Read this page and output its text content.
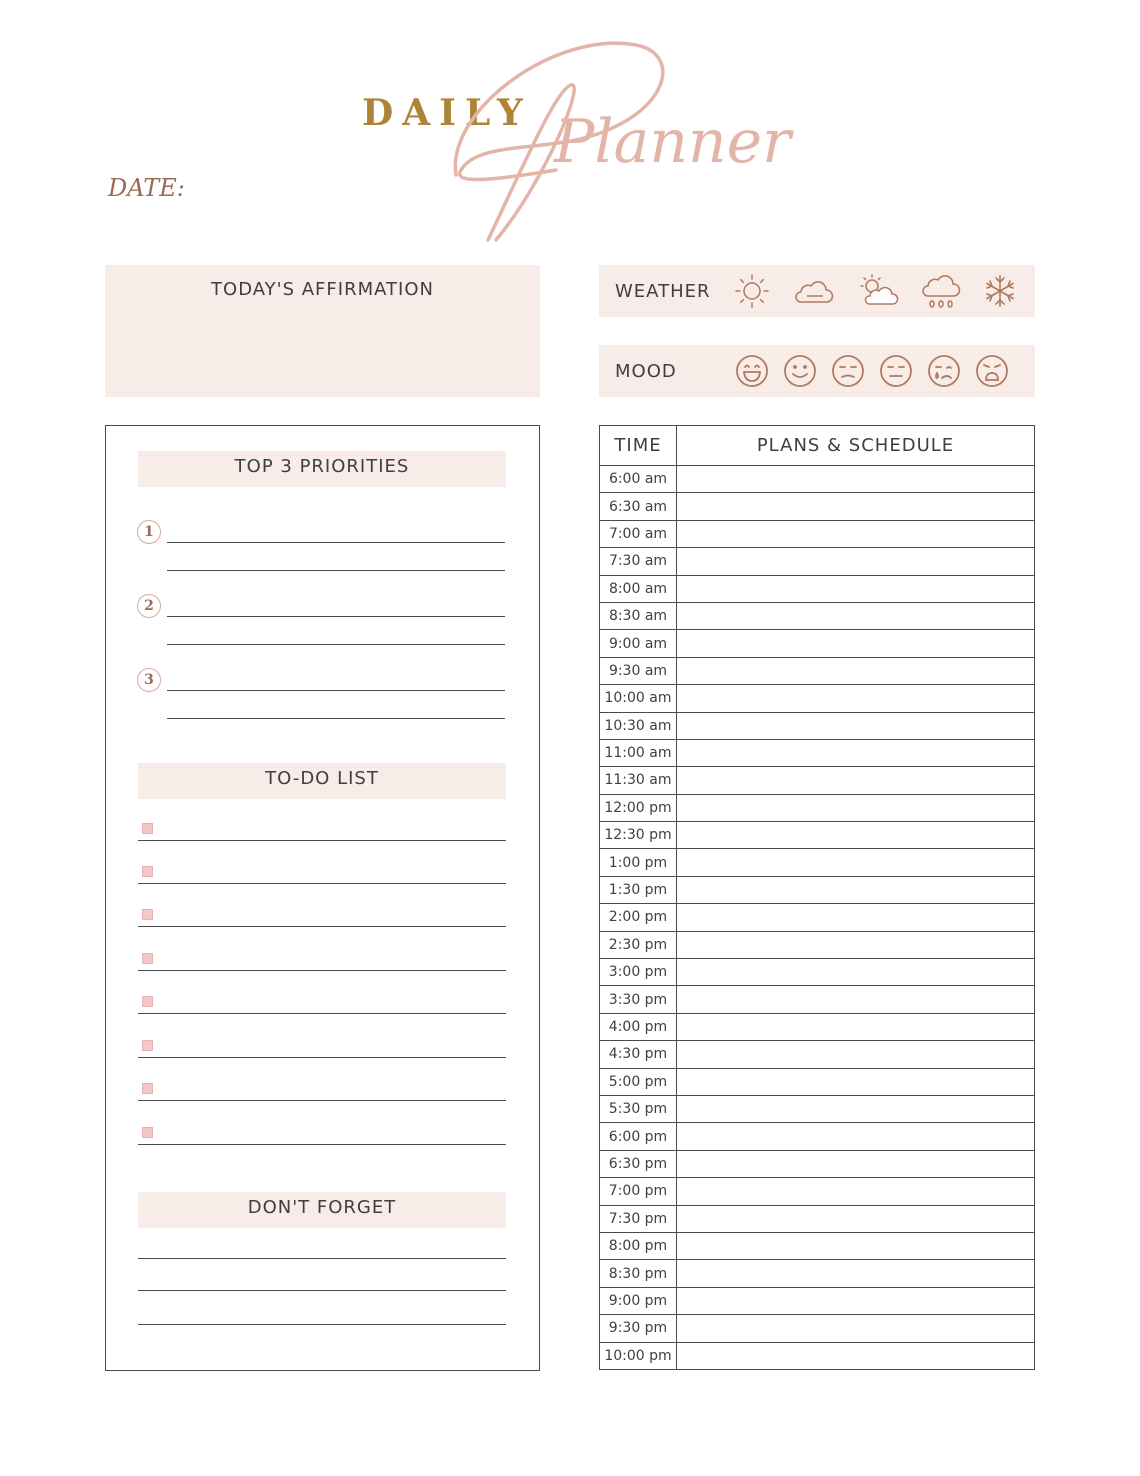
DAILY Planner
DATE:
TODAY'S AFFIRMATION	WEATHER
MOOD
TOP 3 PRIORITIES
1
2
3
TO-DO LIST
DON'T FORGET
TIME	PLANS & SCHEDULE
6:00 am	
6:30 am	
7:00 am	
7:30 am	
8:00 am	
8:30 am	
9:00 am	
9:30 am	
10:00 am	
10:30 am	
11:00 am	
11:30 am	
12:00 pm	
12:30 pm	
1:00 pm	
1:30 pm	
2:00 pm	
2:30 pm	
3:00 pm	
3:30 pm	
4:00 pm	
4:30 pm	
5:00 pm	
5:30 pm	
6:00 pm	
6:30 pm	
7:00 pm	
7:30 pm	
8:00 pm	
8:30 pm	
9:00 pm	
9:30 pm	
10:00 pm	
